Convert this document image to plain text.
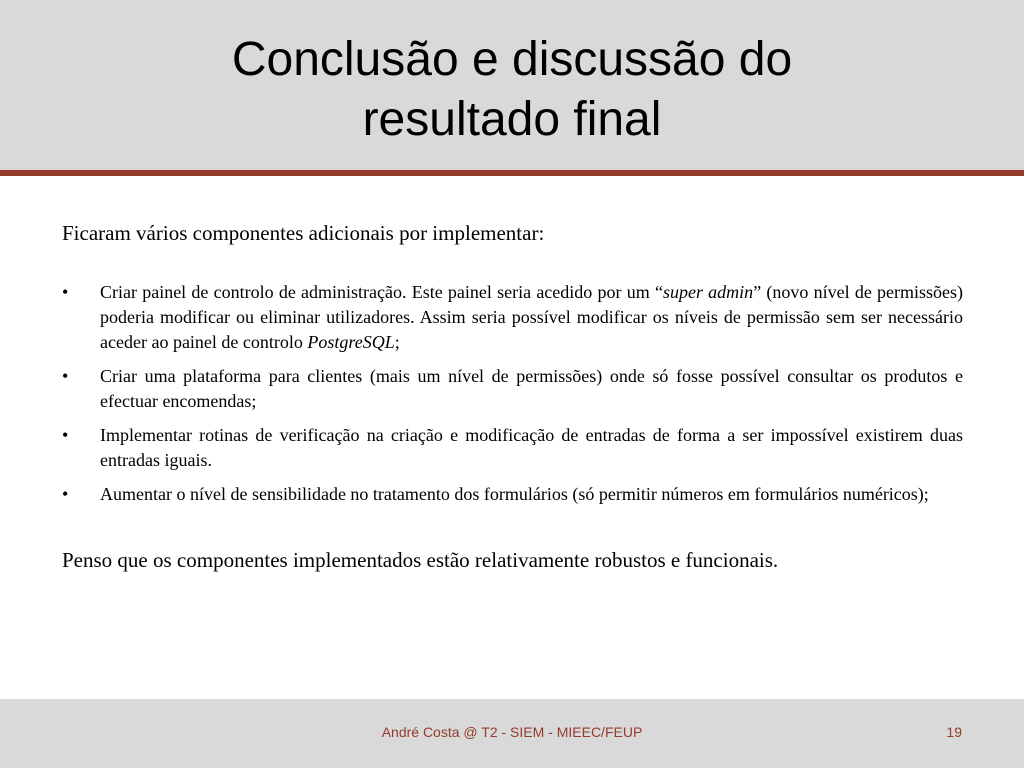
Conclusão e discussão do
resultado final

Ficaram vários componentes adicionais por implementar:

• Criar painel de controlo de administração. Este painel seria acedido por um “super admin” (novo nível de permissões) poderia modificar ou eliminar utilizadores. Assim seria possível modificar os níveis de permissão sem ser necessário aceder ao painel de controlo PostgreSQL;
• Criar uma plataforma para clientes (mais um nível de permissões) onde só fosse possível consultar os produtos e efectuar encomendas;
• Implementar rotinas de verificação na criação e modificação de entradas de forma a ser impossível existirem duas entradas iguais.
• Aumentar o nível de sensibilidade no tratamento dos formulários (só permitir números em formulários numéricos);

Penso que os componentes implementados estão relativamente robustos e funcionais.

André Costa @ T2 - SIEM - MIEEC/FEUP	19
